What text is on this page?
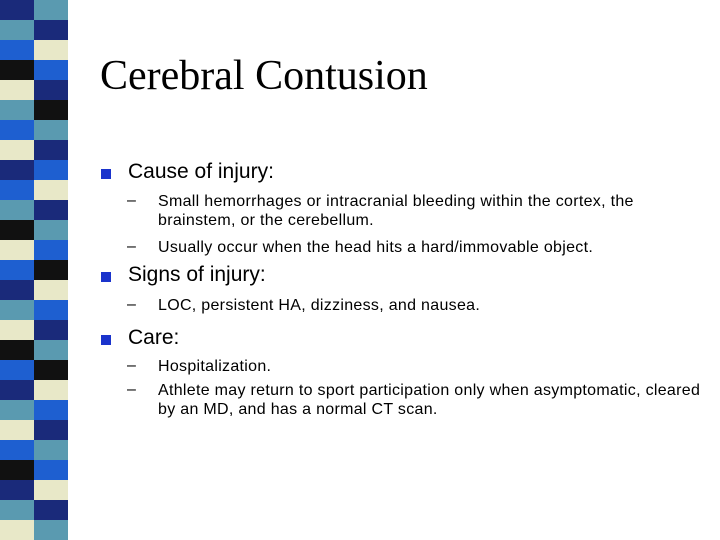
Cerebral Contusion
Cause of injury:
– Small hemorrhages or intracranial bleeding within the cortex, the brainstem, or the cerebellum.
– Usually occur when the head hits a hard/immovable object.
Signs of injury:
– LOC, persistent HA, dizziness, and nausea.
Care:
– Hospitalization.
– Athlete may return to sport participation only when asymptomatic, cleared by an MD, and has a normal CT scan.
